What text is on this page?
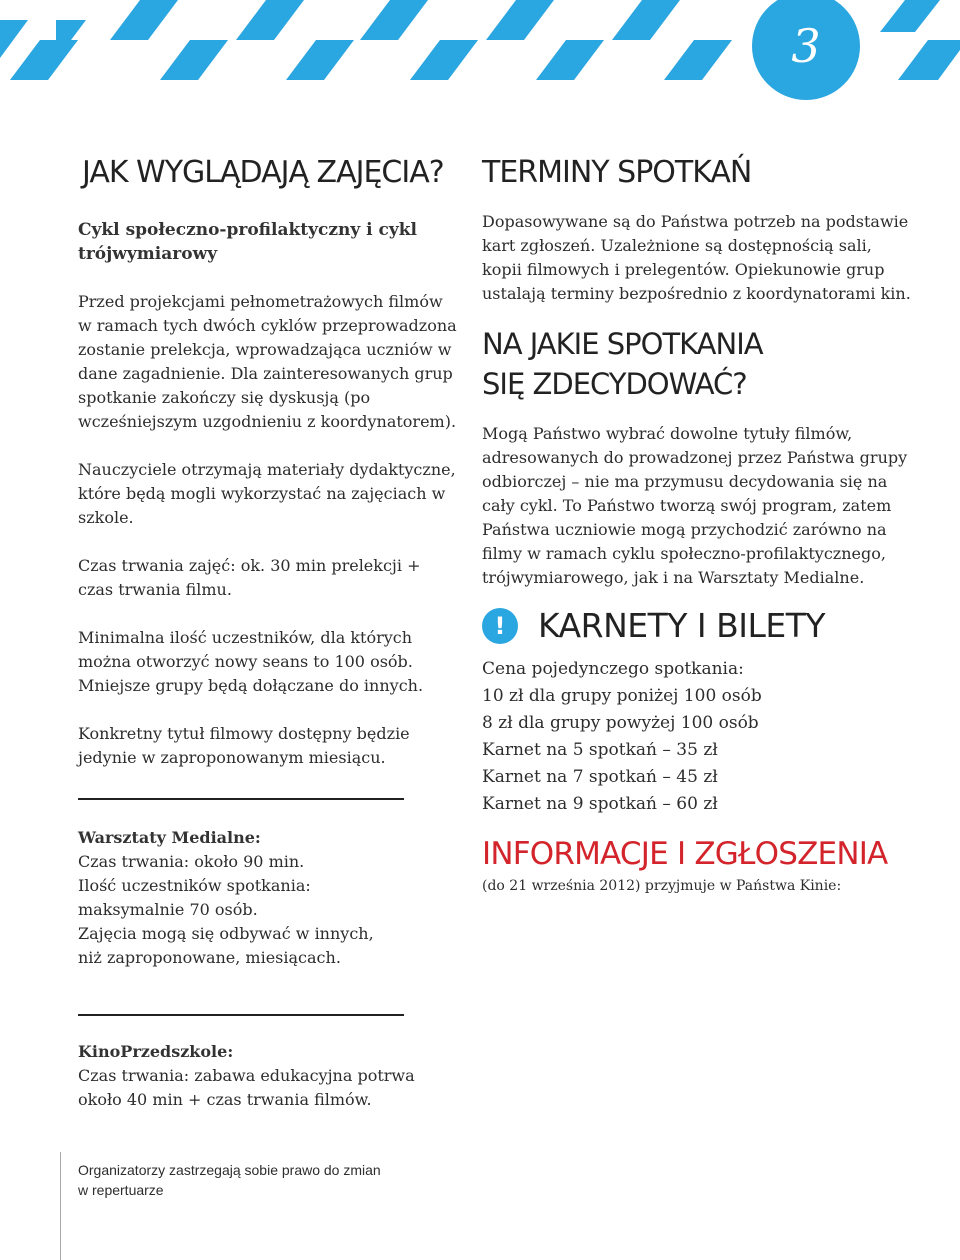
3
JAK WYGLĄDAJĄ ZAJĘCIA?
Cykl społeczno-profilaktyczny i cykl trójwymiarowy

Przed projekcjami pełnometrażowych filmów w ramach tych dwóch cyklów przeprowadzona zostanie prelekcja, wprowadzająca uczniów w dane zagadnienie. Dla zainteresowanych grup spotkanie zakończy się dyskusją (po wcześniejszym uzgodnieniu z koordynatorem).

Nauczyciele otrzymają materiały dydaktyczne, które będą mogli wykorzystać na zajęciach w szkole.

Czas trwania zajęć: ok. 30 min prelekcji + czas trwania filmu.

Minimalna ilość uczestników, dla których można otworzyć nowy seans to 100 osób. Mniejsze grupy będą dołączane do innych.

Konkretny tytuł filmowy dostępny będzie jedynie w zaproponowanym miesiącu.

Warsztaty Medialne:
Czas trwania: około 90 min.
Ilość uczestników spotkania:
maksymalnie 70 osób.
Zajęcia mogą się odbywać w innych,
niż zaproponowane, miesiącach.
KinoPrzedszkole:
Czas trwania: zabawa edukacyjna potrwa
około 40 min + czas trwania filmów.
Organizatorzy zastrzegają sobie prawo do zmian
w repertuarze
TERMINY SPOTKAŃ

Dopasowywane są do Państwa potrzeb na podstawie kart zgłoszeń. Uzależnione są dostępnością sali, kopii filmowych i prelegentów. Opiekunowie grup ustalają terminy bezpośrednio z koordynatorami kin.

NA JAKIE SPOTKANIA
SIĘ ZDECYDOWAĆ?

Mogą Państwo wybrać dowolne tytuły filmów, adresowanych do prowadzonej przez Państwa grupy odbiorczej – nie ma przymusu decydowania się na cały cykl. To Państwo tworzą swój program, zatem Państwa uczniowie mogą przychodzić zarówno na filmy w ramach cyklu społeczno-profilaktycznego, trójwymiarowego, jak i na Warsztaty Medialne.

! KARNETY I BILETY
Cena pojedynczego spotkania:
10 zł dla grupy poniżej 100 osób
8 zł dla grupy powyżej 100 osób
Karnet na 5 spotkań – 35 zł
Karnet na 7 spotkań – 45 zł
Karnet na 9 spotkań – 60 zł
INFORMACJE I ZGŁOSZENIA
(do 21 września 2012) przyjmuje w Państwa Kinie:
